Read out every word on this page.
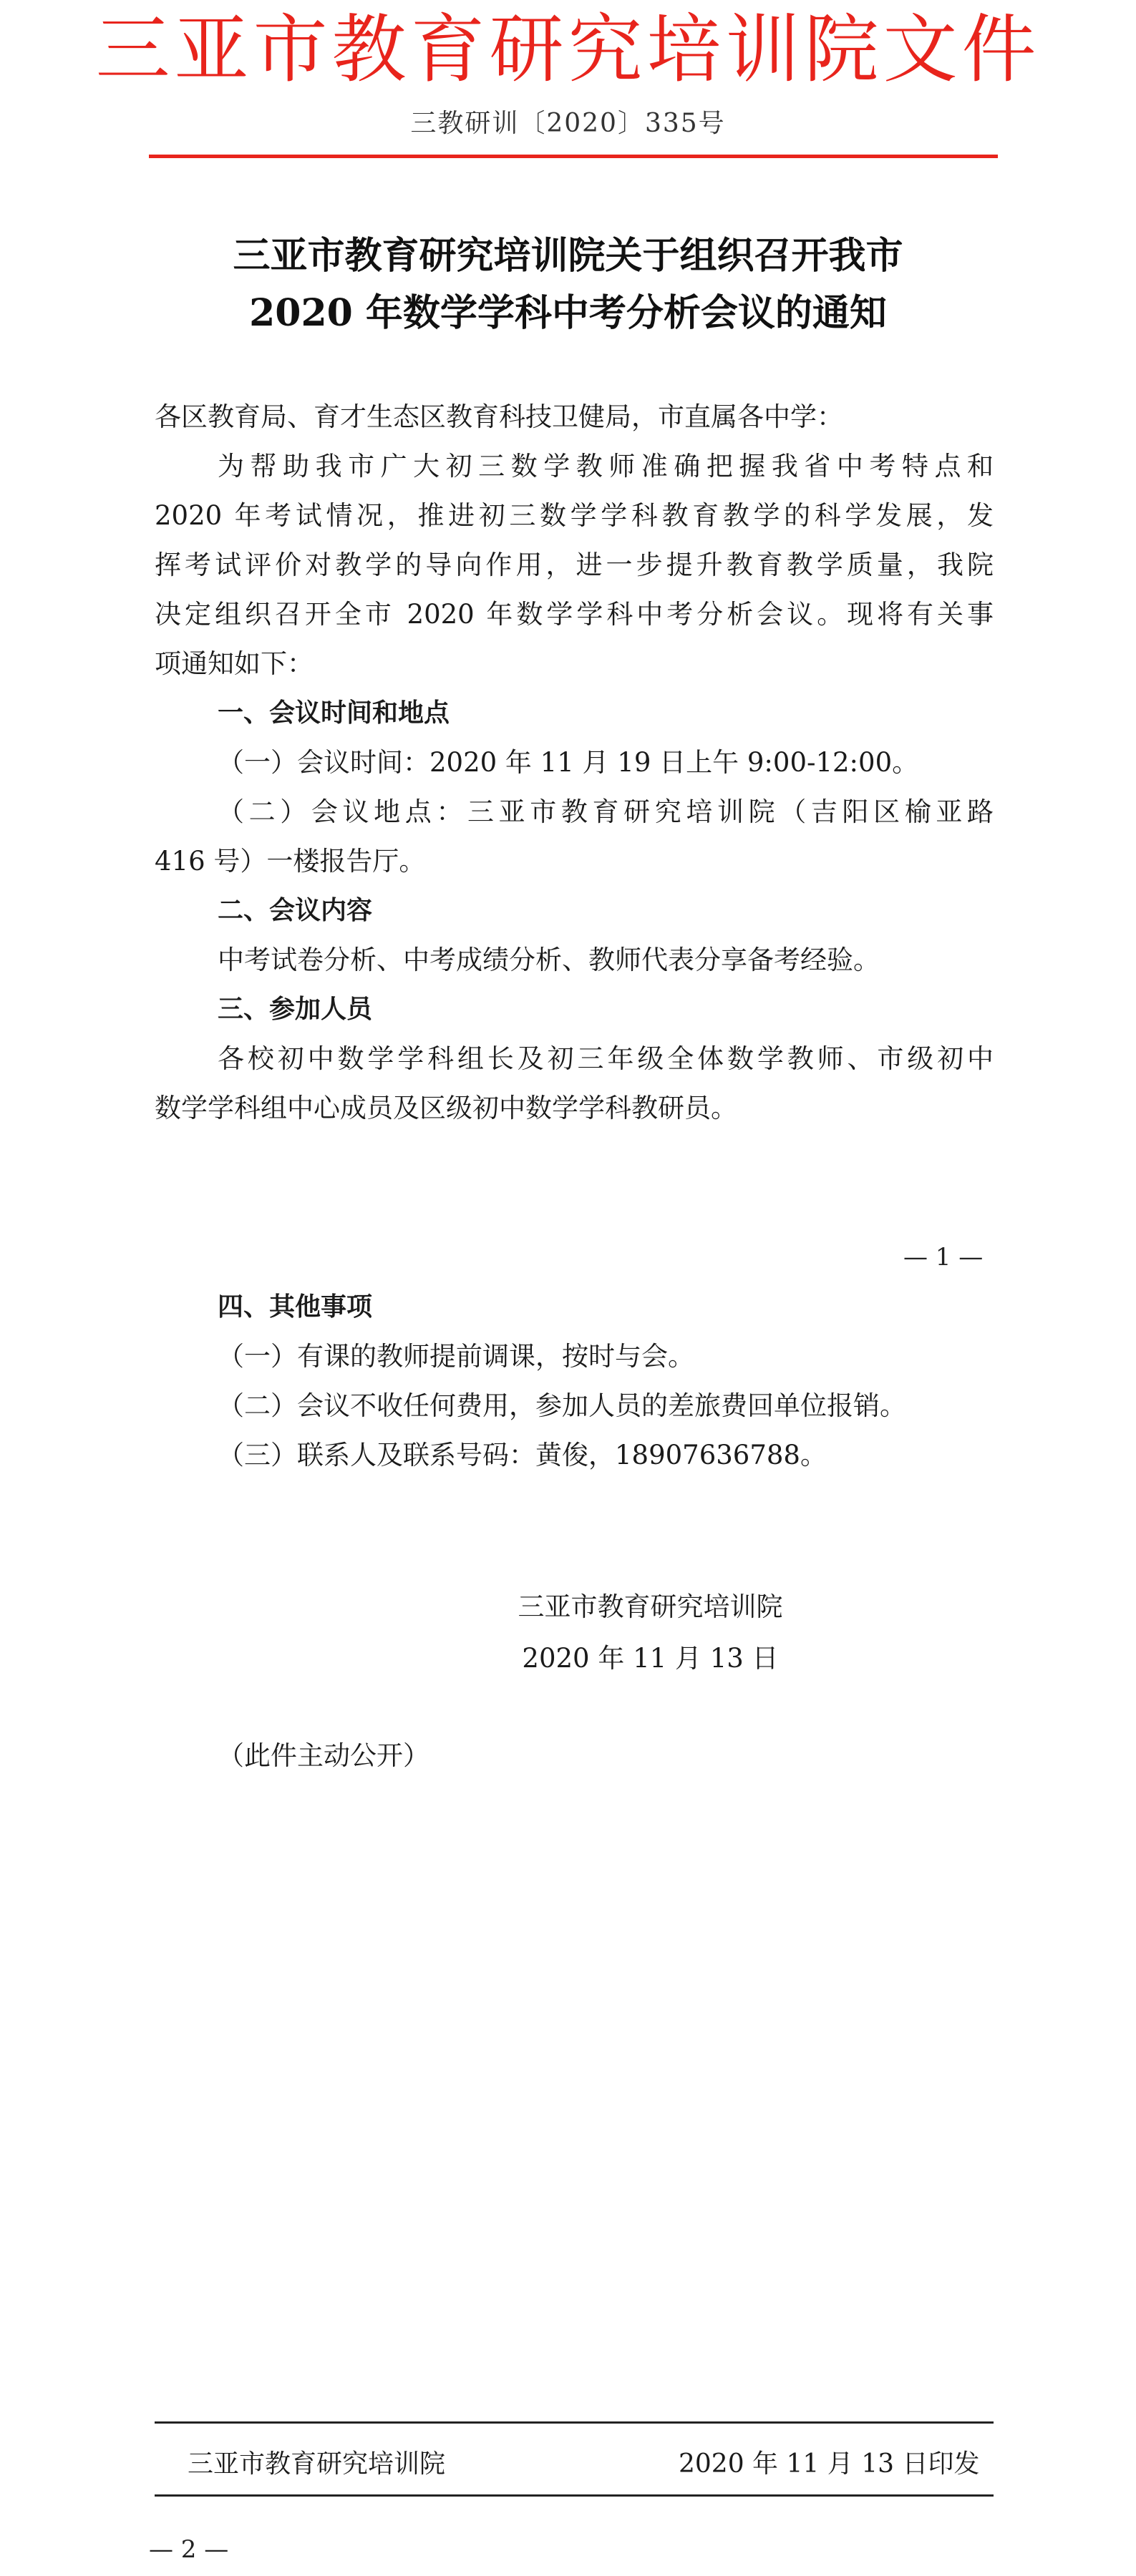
三亚市教育研究培训院文件
三教研训〔2020〕335号
三亚市教育研究培训院关于组织召开我市
2020 年数学学科中考分析会议的通知
各区教育局、育才生态区教育科技卫健局，市直属各中学：
为帮助我市广大初三数学教师准确把握我省中考特点和
2020 年考试情况，推进初三数学学科教育教学的科学发展，发
挥考试评价对教学的导向作用，进一步提升教育教学质量，我院
决定组织召开全市 2020 年数学学科中考分析会议。现将有关事
项通知如下：
一、会议时间和地点
（一）会议时间：2020 年 11 月 19 日上午 9:00-12:00。
（二）会议地点：三亚市教育研究培训院（吉阳区榆亚路
416 号）一楼报告厅。
二、会议内容
中考试卷分析、中考成绩分析、教师代表分享备考经验。
三、参加人员
各校初中数学学科组长及初三年级全体数学教师、市级初中
数学学科组中心成员及区级初中数学学科教研员。
— 1 —
四、其他事项
（一）有课的教师提前调课，按时与会。
（二）会议不收任何费用，参加人员的差旅费回单位报销。
（三）联系人及联系号码：黄俊，18907636788。
三亚市教育研究培训院
2020 年 11 月 13 日
（此件主动公开）
三亚市教育研究培训院	2020 年 11 月 13 日印发
— 2 —
